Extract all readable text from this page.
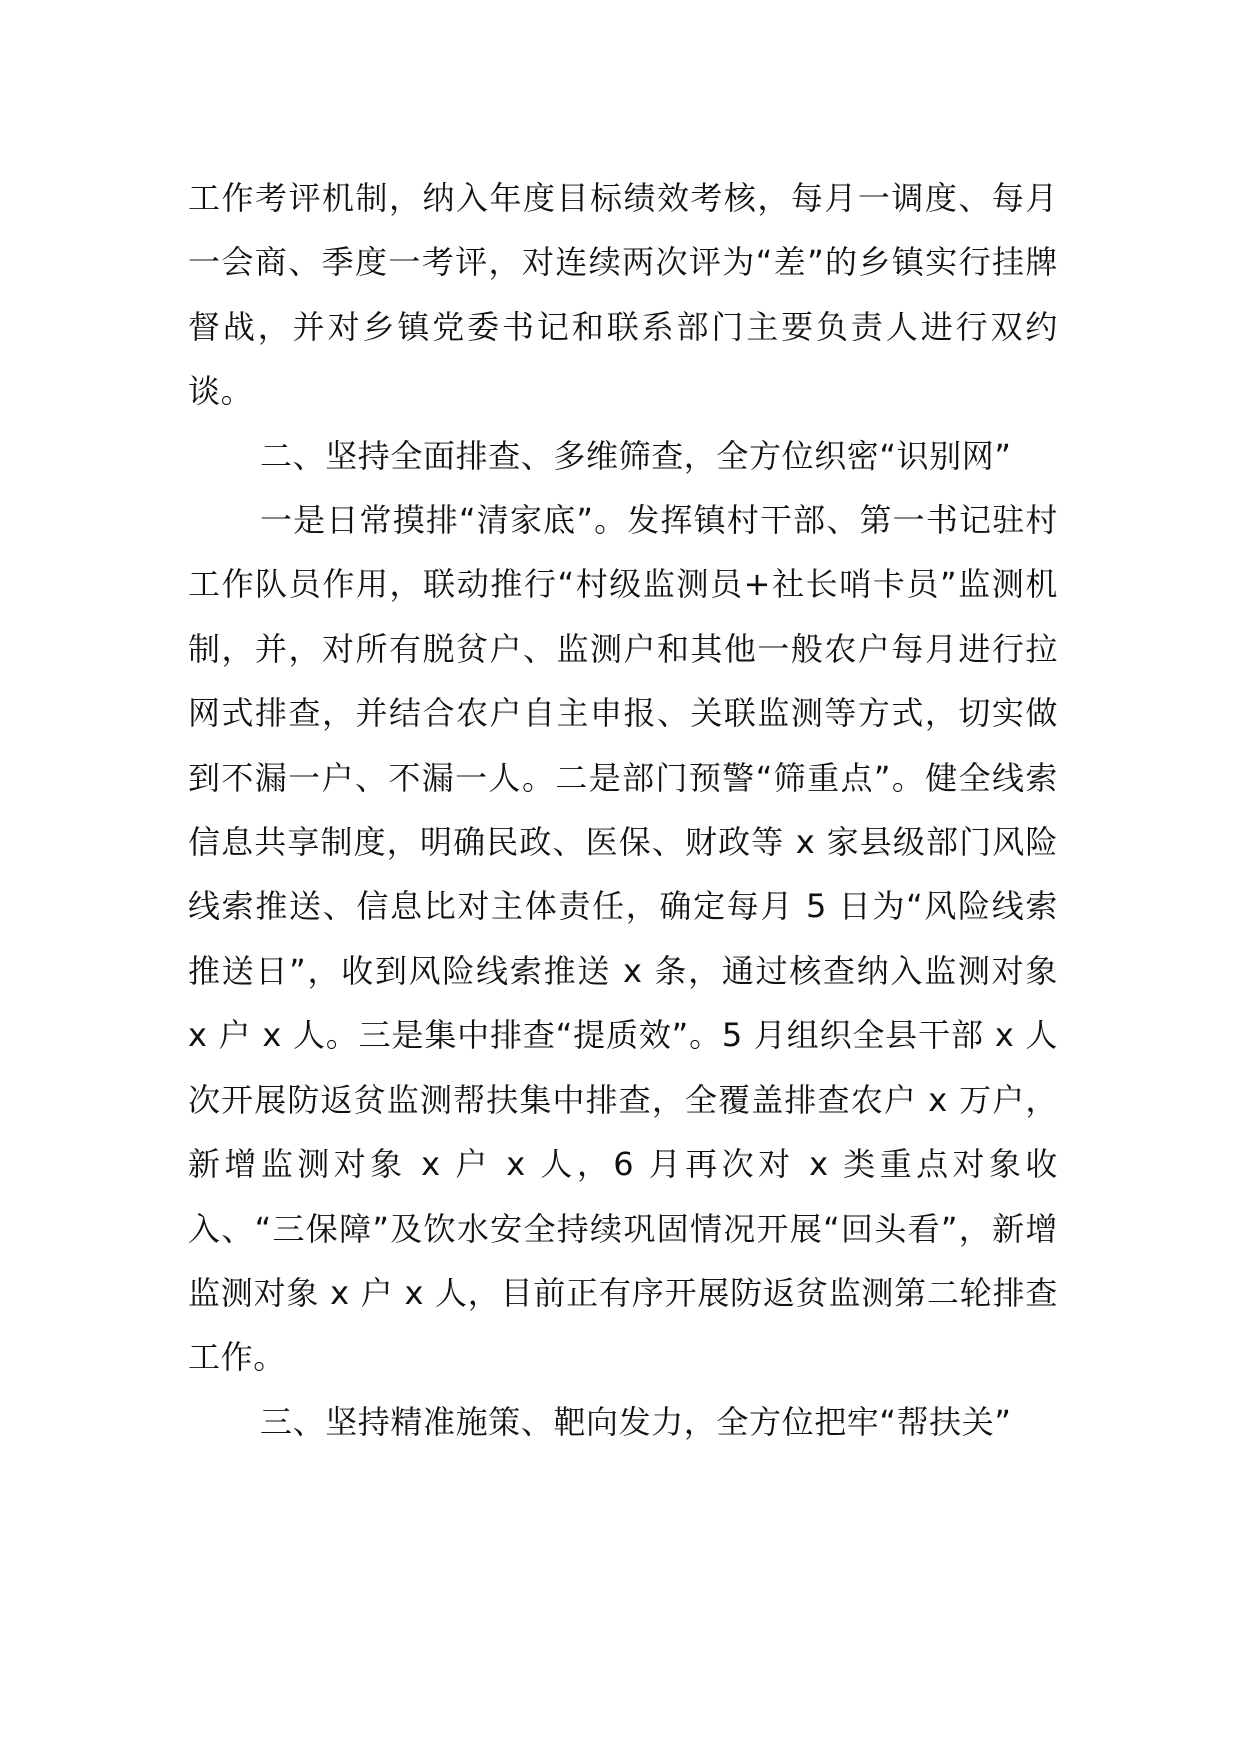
工作考评机制，纳入年度目标绩效考核，每月一调度、每月一会商、季度一考评，对连续两次评为“差”的乡镇实行挂牌督战，并对乡镇党委书记和联系部门主要负责人进行双约谈。

二、坚持全面排查、多维筛查，全方位织密“识别网”

一是日常摸排“清家底”。发挥镇村干部、第一书记驻村工作队员作用，联动推行“村级监测员+社长哨卡员”监测机制，并，对所有脱贫户、监测户和其他一般农户每月进行拉网式排查，并结合农户自主申报、关联监测等方式，切实做到不漏一户、不漏一人。二是部门预警“筛重点”。健全线索信息共享制度，明确民政、医保、财政等 x 家县级部门风险线索推送、信息比对主体责任，确定每月 5 日为“风险线索推送日”，收到风险线索推送 x 条，通过核查纳入监测对象 x 户 x 人。三是集中排查“提质效”。5 月组织全县干部 x 人次开展防返贫监测帮扶集中排查，全覆盖排查农户 x 万户，新增监测对象 x 户 x 人，6 月再次对 x 类重点对象收入、“三保障”及饮水安全持续巩固情况开展“回头看”，新增监测对象 x 户 x 人，目前正有序开展防返贫监测第二轮排查工作。

三、坚持精准施策、靶向发力，全方位把牢“帮扶关”
